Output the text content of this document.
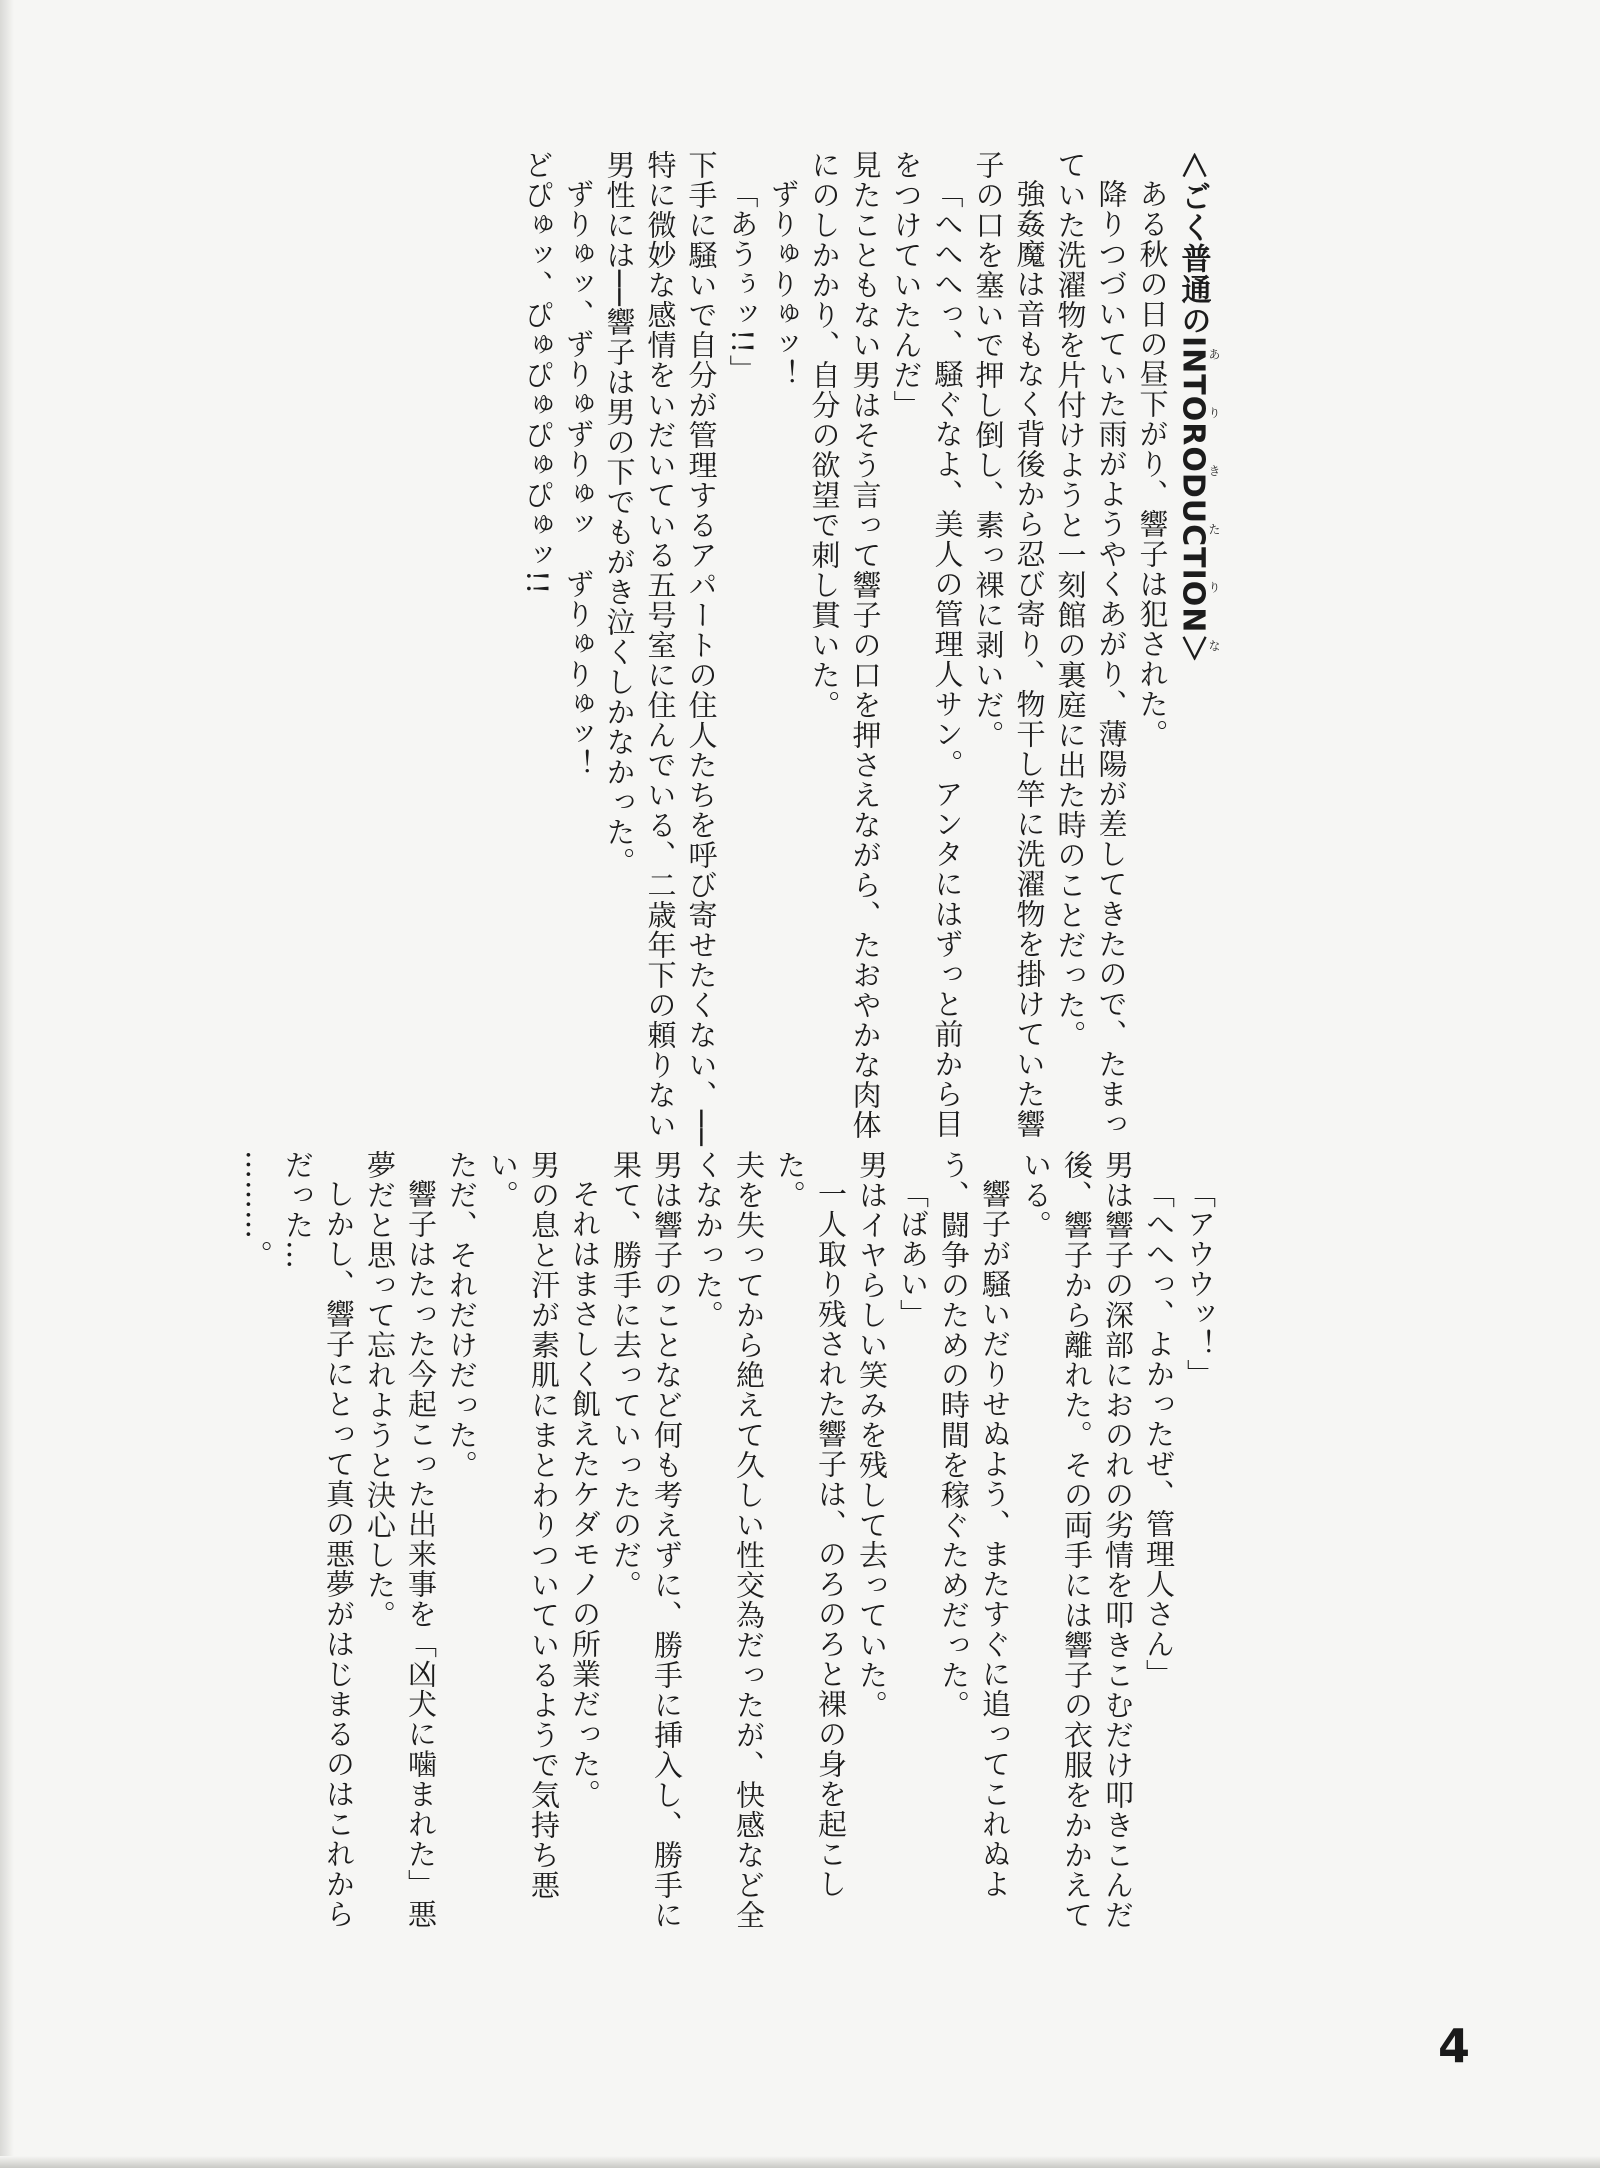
＜ごく普通のINTORODUCTION＞ありきたりな

ある秋の日の昼下がり、響子は犯された。

降りつづいていた雨がようやくあがり、薄陽が差してきたので、たまっていた洗濯物を片付けようと一刻館の裏庭に出た時のことだった。

強姦魔は音もなく背後から忍び寄り、物干し竿に洗濯物を掛けていた響子の口を塞いで押し倒し、素っ裸に剥いだ。

「へへへっ、騒ぐなよ、美人の管理人サン。アンタにはずっと前から目をつけていたんだ」

見たこともない男はそう言って響子の口を押さえながら、たおやかな肉体にのしかかり、自分の欲望で刺し貫いた。

ずりゅりゅッ！

「あうぅッ!!」

下手に騒いで自分が管理するアパートの住人たちを呼び寄せたくない、──特に微妙な感情をいだいている五号室に住んでいる、二歳年下の頼りない男性には──響子は男の下でもがき泣くしかなかった。

ずりゅッ、ずりゅずりゅッ　ずりゅりゅッ！

どぴゅッ、ぴゅぴゅぴゅぴゅッ!!

「アウウッ！」

「へへっ、よかったぜ、管理人さん」

男は響子の深部におのれの劣情を叩きこむだけ叩きこんだ後、響子から離れた。その両手には響子の衣服をかかえている。

響子が騒いだりせぬよう、またすぐに追ってこれぬよう、闘争のための時間を稼ぐためだった。

「ばあい」

男はイヤらしい笑みを残して去っていた。

一人取り残された響子は、のろのろと裸の身を起こした。

夫を失ってから絶えて久しい性交為だったが、快感など全くなかった。

男は響子のことなど何も考えずに、勝手に挿入し、勝手に果て、勝手に去っていったのだ。

それはまさしく飢えたケダモノの所業だった。

男の息と汗が素肌にまとわりついているようで気持ち悪い。

ただ、それだけだった。

響子はたった今起こった出来事を「凶犬に噛まれた」悪夢だと思って忘れようと決心した。

しかし、響子にとって真の悪夢がはじまるのはこれからだった…

………。

4
